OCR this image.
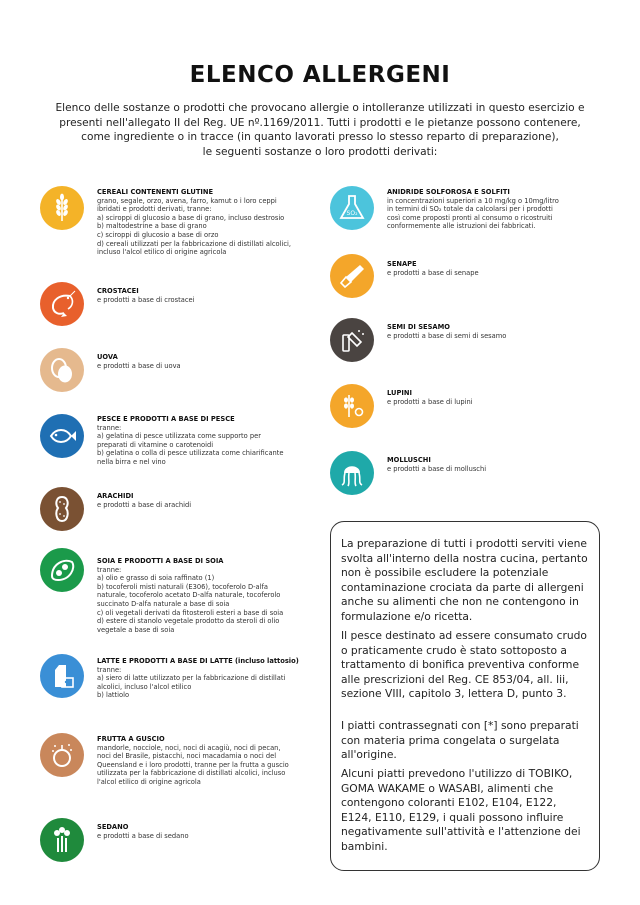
ELENCO ALLERGENI
Elenco delle sostanze o prodotti che provocano allergie o intolleranze utilizzati in questo esercizio e
presenti nell'allegato II del Reg. UE nº.1169/2011. Tutti i prodotti e le pietanze possono contenere,
come ingrediente o in tracce (in quanto lavorati presso lo stesso reparto di preparazione),
le seguenti sostanze o loro prodotti derivati:
CEREALI CONTENENTI GLUTINE
grano, segale, orzo, avena, farro, kamut o i loro ceppi
ibridati e prodotti derivati, tranne:
a) sciroppi di glucosio a base di grano, incluso destrosio
b) maltodestrine a base di grano
c) sciroppi di glucosio a base di orzo
d) cereali utilizzati per la fabbricazione di distillati alcolici,
incluso l'alcol etilico di origine agricola
CROSTACEI
e prodotti a base di crostacei
UOVA
e prodotti a base di uova
PESCE E PRODOTTI A BASE DI PESCE
tranne:
a) gelatina di pesce utilizzata come supporto per
preparati di vitamine o carotenoidi
b) gelatina o colla di pesce utilizzata come chiarificante
nella birra e nel vino
ARACHIDI
e prodotti a base di arachidi
SOIA E PRODOTTI A BASE DI SOIA
tranne:
a) olio e grasso di soia raffinato (1)
b) tocoferoli misti naturali (E306), tocoferolo D-alfa
naturale, tocoferolo acetato D-alfa naturale, tocoferolo
succinato D-alfa naturale a base di soia
c) oli vegetali derivati da fitosteroli esteri a base di soia
d) estere di stanolo vegetale prodotto da steroli di olio
vegetale a base di soia
LATTE E PRODOTTI A BASE DI LATTE (incluso lattosio)
tranne:
a) siero di latte utilizzato per la fabbricazione di distillati
alcolici, incluso l'alcol etilico
b) lattiolo
FRUTTA A GUSCIO
mandorle, nocciole, noci, noci di acagiù, noci di pecan,
noci del Brasile, pistacchi, noci macadamia o noci del
Queensland e i loro prodotti, tranne per la frutta a guscio
utilizzata per la fabbricazione di distillati alcolici, incluso
l'alcol etilico di origine agricola
SEDANO
e prodotti a base di sedano
SO₂
ANIDRIDE SOLFOROSA E SOLFITI
in concentrazioni superiori a 10 mg/kg o 10mg/litro
in termini di SO₂ totale da calcolarsi per i prodotti
così come proposti pronti al consumo o ricostruiti
conformemente alle istruzioni dei fabbricati.
SENAPE
e prodotti a base di senape
SEMI DI SESAMO
e prodotti a base di semi di sesamo
LUPINI
e prodotti a base di lupini
MOLLUSCHI
e prodotti a base di molluschi
La preparazione di tutti i prodotti serviti viene svolta all'interno della nostra cucina, pertanto non è possibile escludere la potenziale contaminazione crociata da parte di allergeni anche su alimenti che non ne contengono in formulazione e/o ricetta.
Il pesce destinato ad essere consumato crudo o praticamente crudo è stato sottoposto a trattamento di bonifica preventiva conforme alle prescrizioni del Reg. CE 853/04, all. lii, sezione VIII, capitolo 3, lettera D, punto 3.
I piatti contrassegnati con [*] sono preparati con materia prima congelata o surgelata all'origine.
Alcuni piatti prevedono l'utilizzo di TOBIKO, GOMA WAKAME o WASABI, alimenti che contengono coloranti E102, E104, E122, E124, E110, E129, i quali possono influire negativamente sull'attività e l'attenzione dei bambini.
